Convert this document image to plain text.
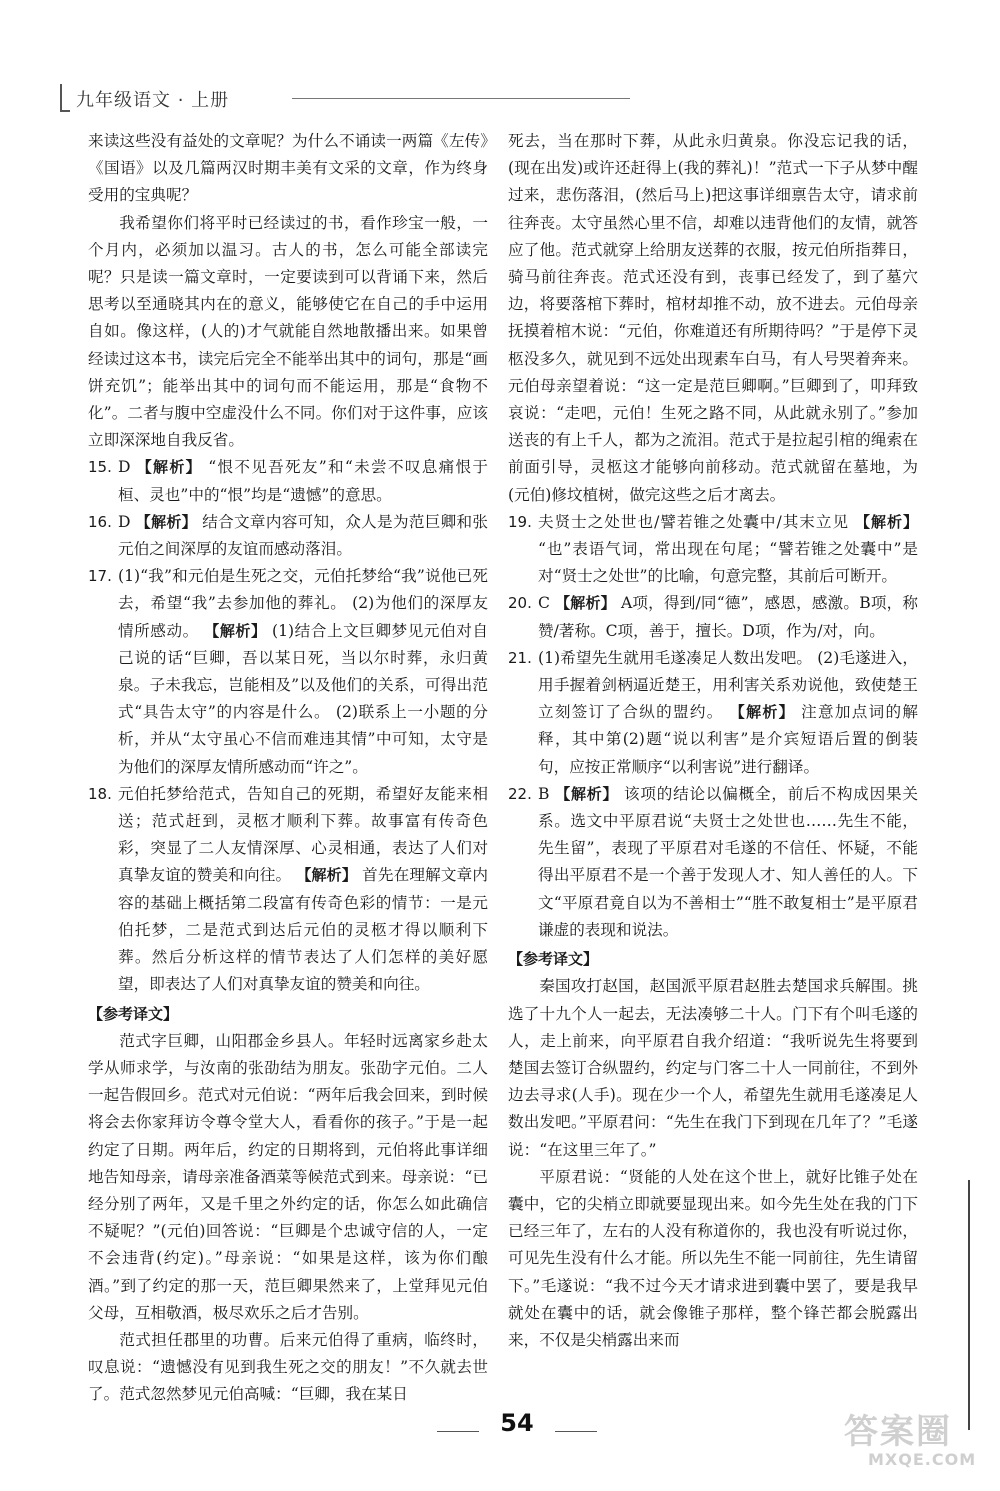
九年级语文 · 上册

来读这些没有益处的文章呢？为什么不诵读一两篇《左传》《国语》以及几篇两汉时期丰美有文采的文章，作为终身受用的宝典呢？

我希望你们将平时已经读过的书，看作珍宝一般，一个月内，必须加以温习。古人的书，怎么可能全部读完呢？只是读一篇文章时，一定要读到可以背诵下来，然后思考以至通晓其内在的意义，能够使它在自己的手中运用自如。像这样，(人的)才气就能自然地散播出来。如果曾经读过这本书，读完后完全不能举出其中的词句，那是“画饼充饥”；能举出其中的词句而不能运用，那是“食物不化”。二者与腹中空虚没什么不同。你们对于这件事，应该立即深深地自我反省。

15. D 【解析】 “恨不见吾死友”和“未尝不叹息痛恨于桓、灵也”中的“恨”均是“遗憾”的意思。
16. D 【解析】 结合文章内容可知，众人是为范巨卿和张元伯之间深厚的友谊而感动落泪。
17. (1)“我”和元伯是生死之交，元伯托梦给“我”说他已死去，希望“我”去参加他的葬礼。 (2)为他们的深厚友情所感动。 【解析】 (1)结合上文巨卿梦见元伯对自己说的话“巨卿，吾以某日死，当以尔时葬，永归黄泉。子未我忘，岂能相及”以及他们的关系，可得出范式“具告太守”的内容是什么。 (2)联系上一小题的分析，并从“太守虽心不信而难违其情”中可知，太守是为他们的深厚友情所感动而“许之”。
18. 元伯托梦给范式，告知自己的死期，希望好友能来相送；范式赶到，灵柩才顺利下葬。故事富有传奇色彩，突显了二人友情深厚、心灵相通，表达了人们对真挚友谊的赞美和向往。 【解析】 首先在理解文章内容的基础上概括第二段富有传奇色彩的情节：一是元伯托梦，二是范式到达后元伯的灵柩才得以顺利下葬。然后分析这样的情节表达了人们怎样的美好愿望，即表达了人们对真挚友谊的赞美和向往。

【参考译文】

范式字巨卿，山阳郡金乡县人。年轻时远离家乡赴太学从师求学，与汝南的张劭结为朋友。张劭字元伯。二人一起告假回乡。范式对元伯说：“两年后我会回来，到时候将会去你家拜访令尊令堂大人，看看你的孩子。”于是一起约定了日期。两年后，约定的日期将到，元伯将此事详细地告知母亲，请母亲准备酒菜等候范式到来。母亲说：“已经分别了两年，又是千里之外约定的话，你怎么如此确信不疑呢？”(元伯)回答说：“巨卿是个忠诚守信的人，一定不会违背(约定)。”母亲说：“如果是这样，该为你们酿酒。”到了约定的那一天，范巨卿果然来了，上堂拜见元伯父母，互相敬酒，极尽欢乐之后才告别。

范式担任郡里的功曹。后来元伯得了重病，临终时，叹息说：“遗憾没有见到我生死之交的朋友！”不久就去世了。范式忽然梦见元伯高喊：“巨卿，我在某日

死去，当在那时下葬，从此永归黄泉。你没忘记我的话，(现在出发)或许还赶得上(我的葬礼)！”范式一下子从梦中醒过来，悲伤落泪，(然后马上)把这事详细禀告太守，请求前往奔丧。太守虽然心里不信，却难以违背他们的友情，就答应了他。范式就穿上给朋友送葬的衣服，按元伯所指葬日，骑马前往奔丧。范式还没有到，丧事已经发了，到了墓穴边，将要落棺下葬时，棺材却推不动，放不进去。元伯母亲抚摸着棺木说：“元伯，你难道还有所期待吗？”于是停下灵柩没多久，就见到不远处出现素车白马，有人号哭着奔来。元伯母亲望着说：“这一定是范巨卿啊。”巨卿到了，叩拜致哀说：“走吧，元伯！生死之路不同，从此就永别了。”参加送丧的有上千人，都为之流泪。范式于是拉起引棺的绳索在前面引导，灵柩这才能够向前移动。范式就留在墓地，为(元伯)修坟植树，做完这些之后才离去。

19. 夫贤士之处世也/譬若锥之处囊中/其末立见 【解析】 “也”表语气词，常出现在句尾；“譬若锥之处囊中”是对“贤士之处世”的比喻，句意完整，其前后可断开。
20. C 【解析】 A项，得到/同“德”，感恩，感激。B项，称赞/著称。C项，善于，擅长。D项，作为/对，向。
21. (1)希望先生就用毛遂凑足人数出发吧。 (2)毛遂进入，用手握着剑柄逼近楚王，用利害关系劝说他，致使楚王立刻签订了合纵的盟约。 【解析】 注意加点词的解释，其中第(2)题“说以利害”是介宾短语后置的倒装句，应按正常顺序“以利害说”进行翻译。
22. B 【解析】 该项的结论以偏概全，前后不构成因果关系。选文中平原君说“夫贤士之处世也……先生不能，先生留”，表现了平原君对毛遂的不信任、怀疑，不能得出平原君不是一个善于发现人才、知人善任的人。下文“平原君竟自以为不善相士”“胜不敢复相士”是平原君谦虚的表现和说法。

【参考译文】

秦国攻打赵国，赵国派平原君赵胜去楚国求兵解围。挑选了十九个人一起去，无法凑够二十人。门下有个叫毛遂的人，走上前来，向平原君自我介绍道：“我听说先生将要到楚国去签订合纵盟约，约定与门客二十人一同前往，不到外边去寻求(人手)。现在少一个人，希望先生就用毛遂凑足人数出发吧。”平原君问：“先生在我门下到现在几年了？”毛遂说：“在这里三年了。”

平原君说：“贤能的人处在这个世上，就好比锥子处在囊中，它的尖梢立即就要显现出来。如今先生处在我的门下已经三年了，左右的人没有称道你的，我也没有听说过你，可见先生没有什么才能。所以先生不能一同前往，先生请留下。”毛遂说：“我不过今天才请求进到囊中罢了，要是我早就处在囊中的话，就会像锥子那样，整个锋芒都会脱露出来，不仅是尖梢露出来而

54	答案圈
MXQE.COM
